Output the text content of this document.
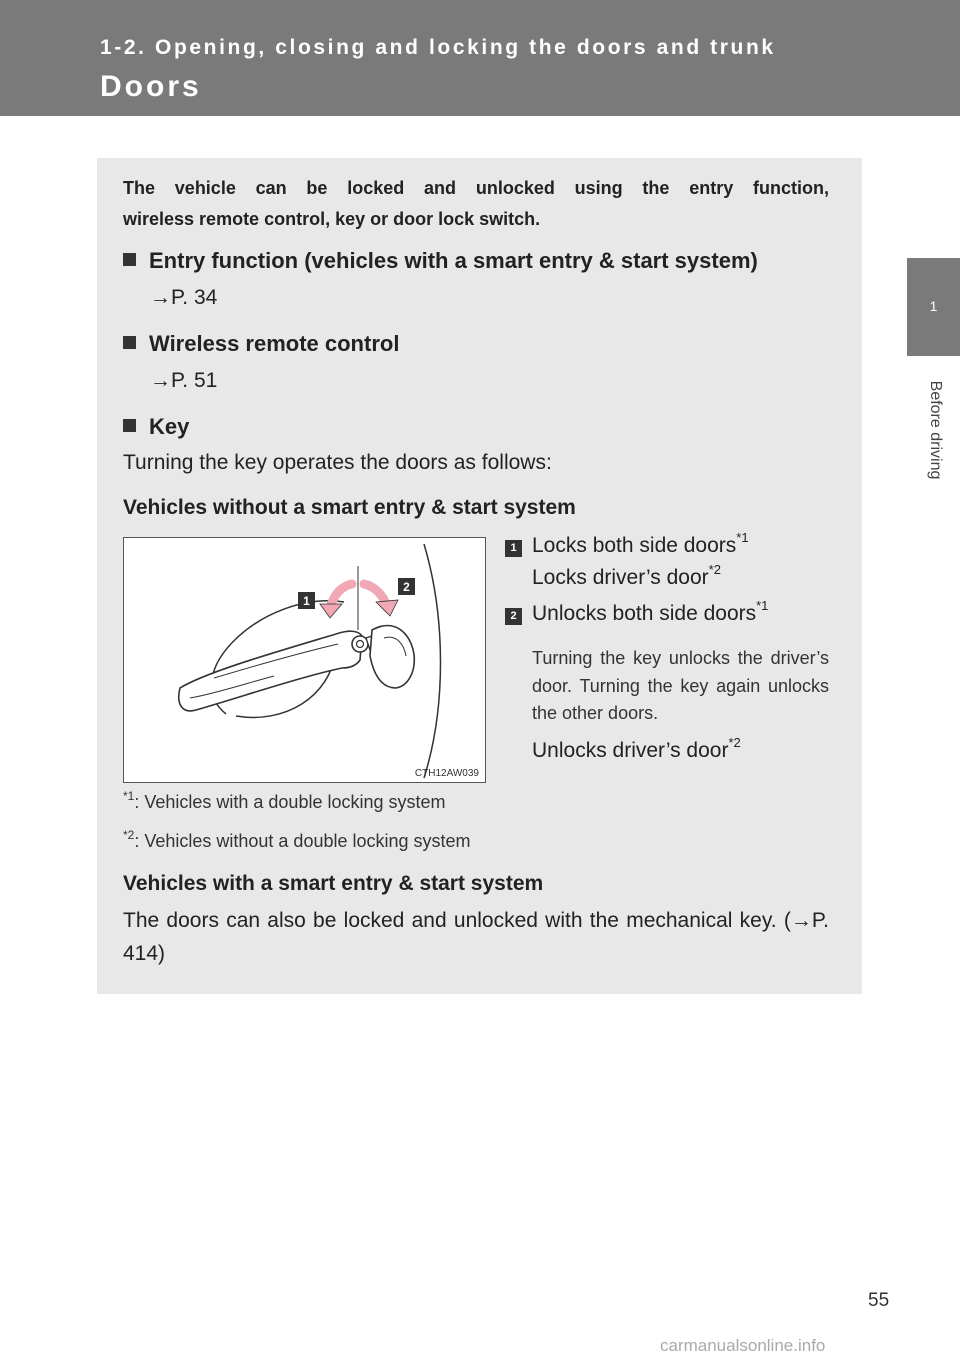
1-2. Opening, closing and locking the doors and trunk
Doors
1
Before driving
The vehicle can be locked and unlocked using the entry function,
wireless remote control, key or door lock switch.
Entry function (vehicles with a smart entry & start system)
→P. 34
Wireless remote control
→P. 51
Key
Turning the key operates the doors as follows:
Vehicles without a smart entry & start system
1
2
CTH12AW039
1 Locks both side doors$^{*1}$
Locks driver’s door$^{*2}$
2 Unlocks both side doors$^{*1}$
Turning the key unlocks the driver’s door. Turning the key again unlocks the other doors.
Unlocks driver’s door$^{*2}$
$^{*1}$: Vehicles with a double locking system
$^{*2}$: Vehicles without a double locking system
Vehicles with a smart entry & start system
The doors can also be locked and unlocked with the mechanical key. (→P. 414)
55
carmanualsonline.info
